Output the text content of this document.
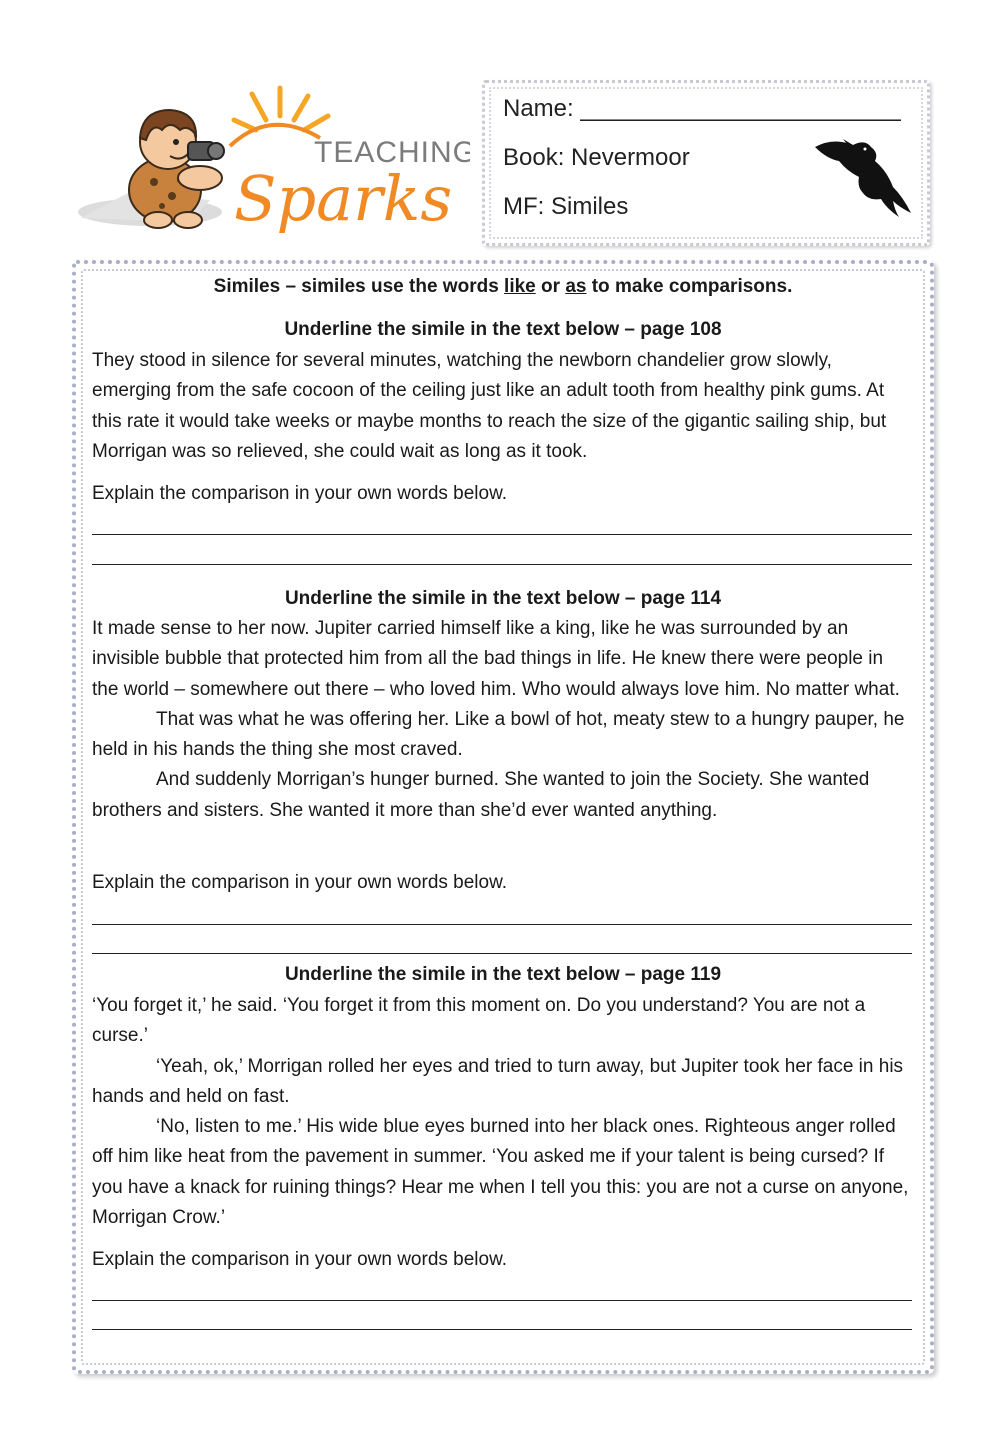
TEACHING
Sparks
Name: ________________________
Book: Nevermoor
MF: Similes
Similes – similes use the words like or as to make comparisons.
Underline the simile in the text below – page 108

They stood in silence for several minutes, watching the newborn chandelier grow slowly, emerging from the safe cocoon of the ceiling just like an adult tooth from healthy pink gums. At this rate it would take weeks or maybe months to reach the size of the gigantic sailing ship, but Morrigan was so relieved, she could wait as long as it took.

Explain the comparison in your own words below.
Underline the simile in the text below – page 114

It made sense to her now. Jupiter carried himself like a king, like he was surrounded by an invisible bubble that protected him from all the bad things in life. He knew there were people in the world – somewhere out there – who loved him. Who would always love him. No matter what.

That was what he was offering her. Like a bowl of hot, meaty stew to a hungry pauper, he held in his hands the thing she most craved.

And suddenly Morrigan’s hunger burned. She wanted to join the Society. She wanted brothers and sisters. She wanted it more than she’d ever wanted anything.

Explain the comparison in your own words below.
Underline the simile in the text below – page 119

‘You forget it,’ he said. ‘You forget it from this moment on. Do you understand? You are not a curse.’

‘Yeah, ok,’ Morrigan rolled her eyes and tried to turn away, but Jupiter took her face in his hands and held on fast.

‘No, listen to me.’ His wide blue eyes burned into her black ones. Righteous anger rolled off him like heat from the pavement in summer. ‘You asked me if your talent is being cursed? If you have a knack for ruining things? Hear me when I tell you this: you are not a curse on anyone, Morrigan Crow.’

Explain the comparison in your own words below.
